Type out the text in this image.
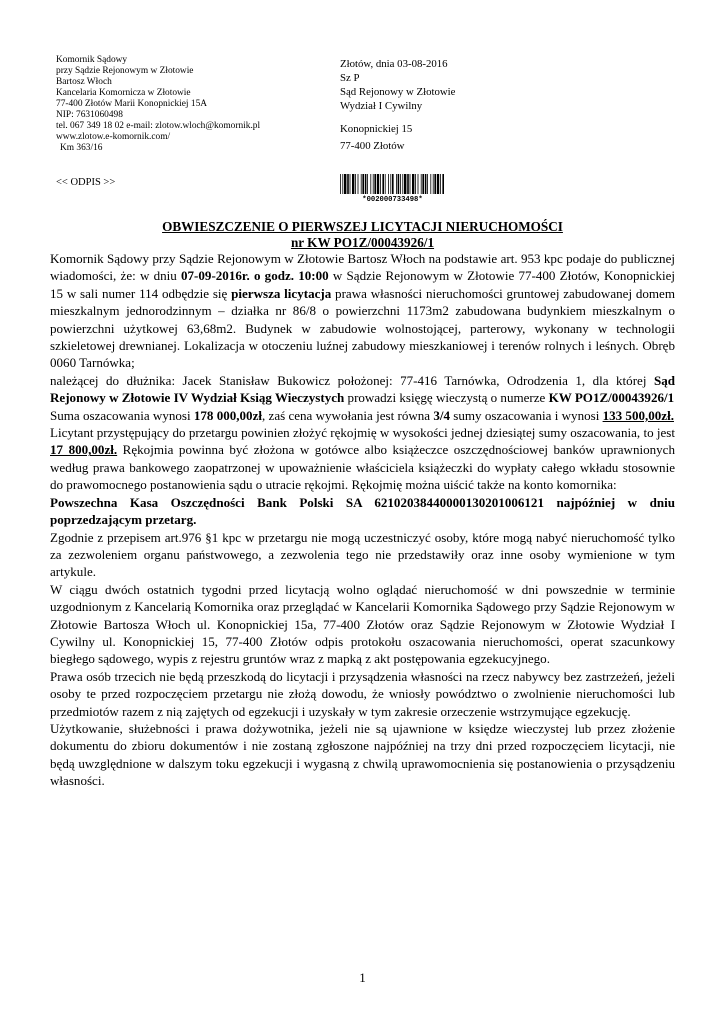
Komornik Sądowy
przy Sądzie Rejonowym w Złotowie
Bartosz Włoch
Kancelaria Komornicza w Złotowie
77-400 Złotów Marii Konopnickiej 15A
NIP: 7631060498
tel. 067 349 18 02 e-mail: zlotow.wloch@komornik.pl
www.zlotow.e-komornik.com/
Km 363/16
<< ODPIS >>
Złotów, dnia 03-08-2016
Sz P
Sąd Rejonowy w Złotowie
Wydział I Cywilny
Konopnickiej 15
77-400 Złotów
*002000733498*
OBWIESZCZENIE O PIERWSZEJ LICYTACJI NIERUCHOMOŚCI
nr KW PO1Z/00043926/1

Komornik Sądowy przy Sądzie Rejonowym w Złotowie Bartosz Włoch na podstawie art. 953 kpc podaje do publicznej wiadomości, że: w dniu 07-09-2016r. o godz. 10:00 w Sądzie Rejonowym w Złotowie 77-400 Złotów, Konopnickiej 15 w sali numer 114 odbędzie się pierwsza licytacja prawa własności nieruchomości gruntowej zabudowanej domem mieszkalnym jednorodzinnym – działka nr 86/8 o powierzchni 1173m2 zabudowana budynkiem mieszkalnym o powierzchni użytkowej 63,68m2. Budynek w zabudowie wolnostojącej, parterowy, wykonany w technologii szkieletowej drewnianej. Lokalizacja w otoczeniu luźnej zabudowy mieszkaniowej i terenów rolnych i leśnych. Obręb 0060 Tarnówka;

należącej do dłużnika: Jacek Stanisław Bukowicz położonej: 77-416 Tarnówka, Odrodzenia 1, dla której Sąd Rejonowy w Złotowie IV Wydział Ksiąg Wieczystych prowadzi księgę wieczystą o numerze KW PO1Z/00043926/1

Suma oszacowania wynosi 178 000,00zł, zaś cena wywołania jest równa 3/4 sumy oszacowania i wynosi 133 500,00zł.

Licytant przystępujący do przetargu powinien złożyć rękojmię w wysokości jednej dziesiątej sumy oszacowania, to jest 17 800,00zł. Rękojmia powinna być złożona w gotówce albo książeczce oszczędnościowej banków uprawnionych według prawa bankowego zaopatrzonej w upoważnienie właściciela książeczki do wypłaty całego wkładu stosownie do prawomocnego postanowienia sądu o utracie rękojmi. Rękojmię można uiścić także na konto komornika:

Powszechna Kasa Oszczędności Bank Polski SA 62102038440000130201006121 najpóźniej w dniu poprzedzającym przetarg.

Zgodnie z przepisem art.976 §1 kpc w przetargu nie mogą uczestniczyć osoby, które mogą nabyć nieruchomość tylko za zezwoleniem organu państwowego, a zezwolenia tego nie przedstawiły oraz inne osoby wymienione w tym artykule.

W ciągu dwóch ostatnich tygodni przed licytacją wolno oglądać nieruchomość w dni powszednie w terminie uzgodnionym z Kancelarią Komornika oraz przeglądać w Kancelarii Komornika Sądowego przy Sądzie Rejonowym w Złotowie Bartosza Włoch ul. Konopnickiej 15a, 77-400 Złotów oraz Sądzie Rejonowym w Złotowie Wydział I Cywilny ul. Konopnickiej 15, 77-400 Złotów odpis protokołu oszacowania nieruchomości, operat szacunkowy biegłego sądowego, wypis z rejestru gruntów wraz z mapką z akt postępowania egzekucyjnego.

Prawa osób trzecich nie będą przeszkodą do licytacji i przysądzenia własności na rzecz nabywcy bez zastrzeżeń, jeżeli osoby te przed rozpoczęciem przetargu nie złożą dowodu, że wniosły powództwo o zwolnienie nieruchomości lub przedmiotów razem z nią zajętych od egzekucji i uzyskały w tym zakresie orzeczenie wstrzymujące egzekucję.

Użytkowanie, służebności i prawa dożywotnika, jeżeli nie są ujawnione w księdze wieczystej lub przez złożenie dokumentu do zbioru dokumentów i nie zostaną zgłoszone najpóźniej na trzy dni przed rozpoczęciem licytacji, nie będą uwzględnione w dalszym toku egzekucji i wygasną z chwilą uprawomocnienia się postanowienia o przysądzeniu własności.

1
